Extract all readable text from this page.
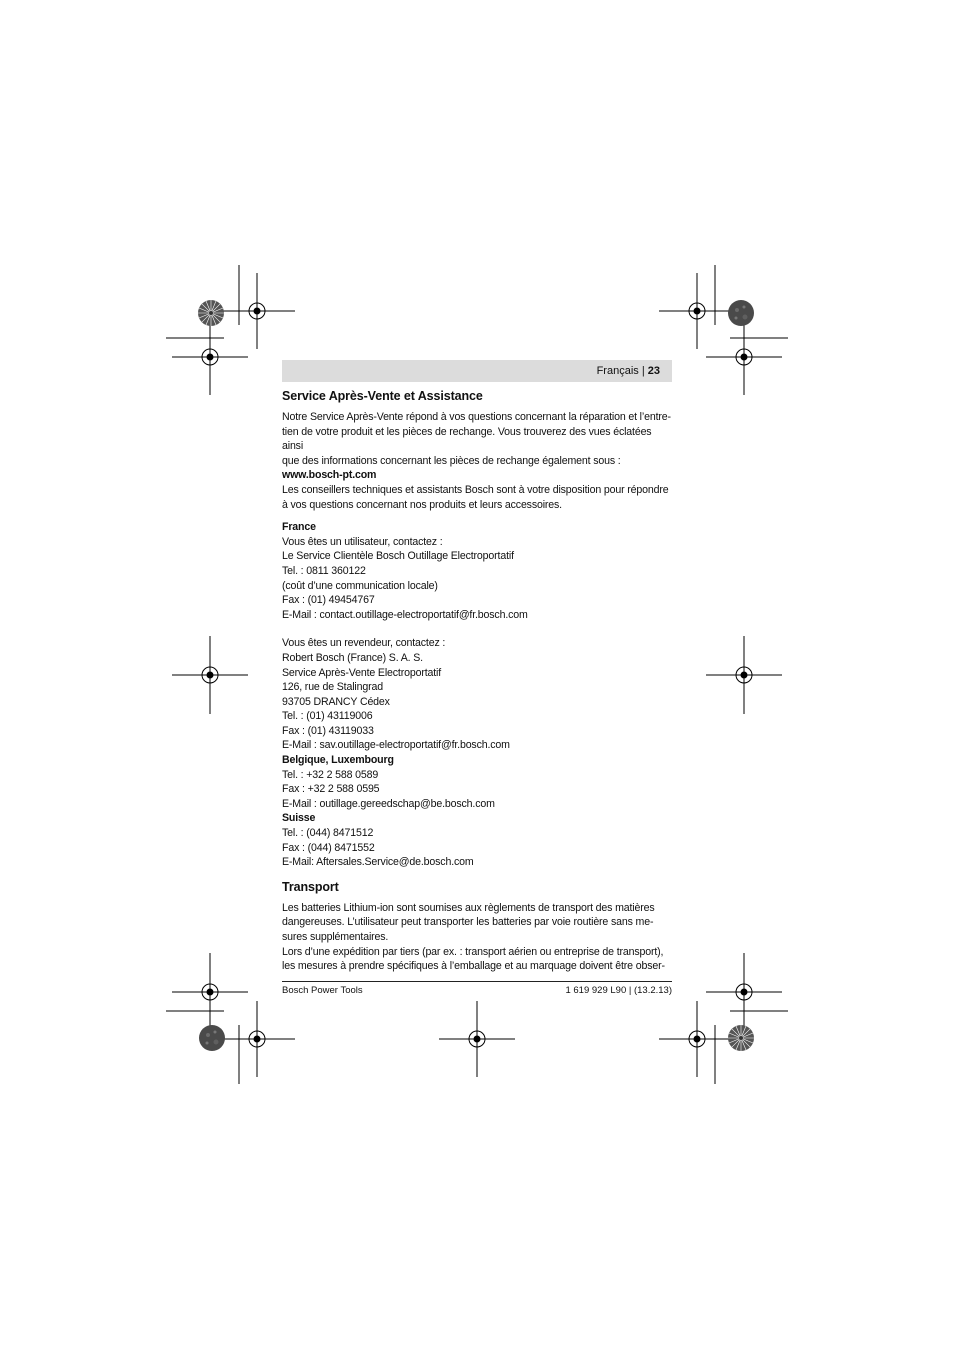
Français | 23
Service Après-Vente et Assistance

Notre Service Après-Vente répond à vos questions concernant la réparation et l’entre-

tien de votre produit et les pièces de rechange. Vous trouverez des vues éclatées ainsi

que des informations concernant les pièces de rechange également sous :

www.bosch-pt.com

Les conseillers techniques et assistants Bosch sont à votre disposition pour répondre

à vos questions concernant nos produits et leurs accessoires.

France

Vous êtes un utilisateur, contactez :

Le Service Clientèle Bosch Outillage Electroportatif

Tel. : 0811 360122

(coût d’une communication locale)

Fax : (01) 49454767

E-Mail : contact.outillage-electroportatif@fr.bosch.com

Vous êtes un revendeur, contactez :

Robert Bosch (France) S. A. S.

Service Après-Vente Electroportatif

126, rue de Stalingrad

93705 DRANCY Cédex

Tel. : (01) 43119006

Fax : (01) 43119033

E-Mail : sav.outillage-electroportatif@fr.bosch.com

Belgique, Luxembourg

Tel. : +32 2 588 0589

Fax : +32 2 588 0595

E-Mail : outillage.gereedschap@be.bosch.com

Suisse

Tel. : (044) 8471512

Fax : (044) 8471552

E-Mail: Aftersales.Service@de.bosch.com

Transport

Les batteries Lithium-ion sont soumises aux règlements de transport des matières

dangereuses. L’utilisateur peut transporter les batteries par voie routière sans me-

sures supplémentaires.

Lors d’une expédition par tiers (par ex. : transport aérien ou entreprise de transport),

les mesures à prendre spécifiques à l’emballage et au marquage doivent être obser-

Bosch Power Tools	1 619 929 L90 | (13.2.13)
